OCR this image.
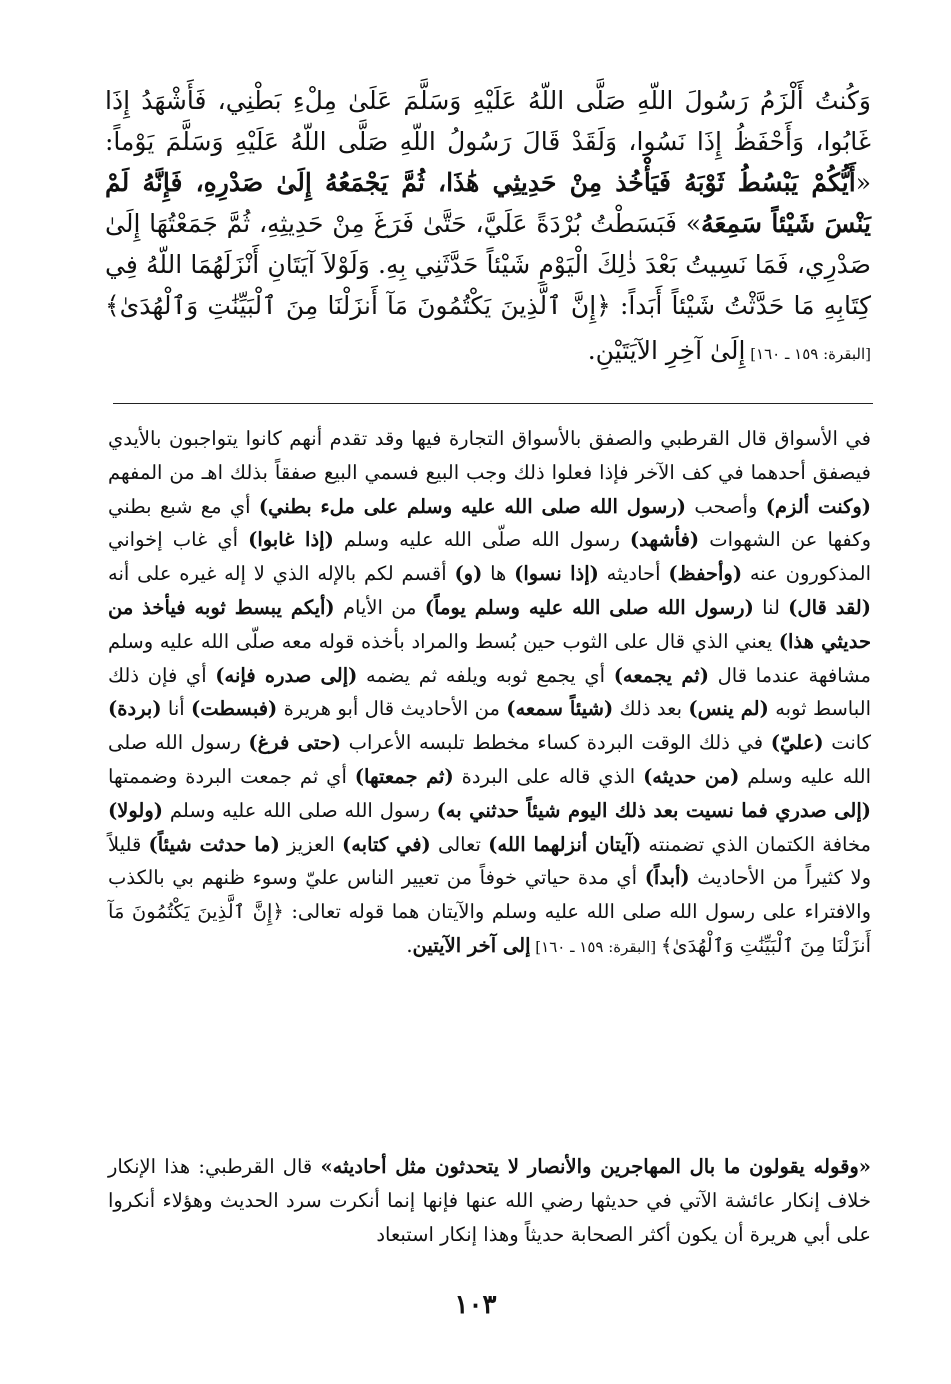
وَكُنتُ أَلْزَمُ رَسُولَ اللّهِ صَلَّى اللّهُ عَلَيْهِ وَسَلَّمَ عَلَىٰ مِلْءِ بَطْنِي، فَأَشْهَدُ إِذَا غَابُوا، وَأَحْفَظُ إِذَا نَسُوا، وَلَقَدْ قَالَ رَسُولُ اللّهِ صَلَّى اللّهُ عَلَيْهِ وَسَلَّمَ يَوْماً: «أَيُّكُمْ يَبْسُطُ ثَوْبَهُ فَيَأْخُذ مِنْ حَدِيثِي هَٰذَا، ثُمَّ يَجْمَعُهُ إِلَىٰ صَدْرِهِ، فَإِنَّهُ لَمْ يَنْسَ شَيْئاً سَمِعَهُ» فَبَسَطْتُ بُرْدَةً عَلَيَّ، حَتَّىٰ فَرَغَ مِنْ حَدِيثِهِ، ثُمَّ جَمَعْتُهَا إِلَىٰ صَدْرِي، فَمَا نَسِيتُ بَعْدَ ذٰلِكَ الْيَوْمِ شَيْئاً حَدَّثَنِي بِهِ. وَلَوْلاَ آيَتَانِ أَنْزَلَهُمَا اللّهُ فِي كِتَابِهِ مَا حَدَّثْتُ شَيْئاً أَبَداً: ﴿إِنَّ ٱلَّذِينَ يَكْتُمُونَ مَآ أَنزَلْنَا مِنَ ٱلْبَيِّنَٰتِ وَٱلْهُدَىٰ﴾ [البقرة: ١٥٩ ـ ١٦٠] إِلَىٰ آخِرِ الآيَتَيْنِ.

في الأسواق قال القرطبي والصفق بالأسواق التجارة فيها وقد تقدم أنهم كانوا يتواجبون بالأيدي فيصفق أحدهما في كف الآخر فإذا فعلوا ذلك وجب البيع فسمي البيع صفقاً بذلك اهـ من المفهم (وكنت ألزم) وأصحب (رسول الله صلى الله عليه وسلم على ملء بطني) أي مع شبع بطني وكفها عن الشهوات (فأشهد) رسول الله صلّى الله عليه وسلم (إذا غابوا) أي غاب إخواني المذكورون عنه (وأحفظ) أحاديثه (إذا نسوا) ها (و) أقسم لكم بالإله الذي لا إله غيره على أنه (لقد قال) لنا (رسول الله صلى الله عليه وسلم يوماً) من الأيام (أيكم يبسط ثوبه فيأخذ من حديثي هذا) يعني الذي قال على الثوب حين بُسط والمراد بأخذه قوله معه صلّى الله عليه وسلم مشافهة عندما قال (ثم يجمعه) أي يجمع ثوبه ويلفه ثم يضمه (إلى صدره فإنه) أي فإن ذلك الباسط ثوبه (لم ينس) بعد ذلك (شيئاً سمعه) من الأحاديث قال أبو هريرة (فبسطت) أنا (بردة) كانت (عليّ) في ذلك الوقت البردة كساء مخطط تلبسه الأعراب (حتى فرغ) رسول الله صلى الله عليه وسلم (من حديثه) الذي قاله على البردة (ثم جمعتها) أي ثم جمعت البردة وضممتها (إلى صدري فما نسيت بعد ذلك اليوم شيئاً حدثني به) رسول الله صلى الله عليه وسلم (ولولا) مخافة الكتمان الذي تضمنته (آيتان أنزلهما الله) تعالى (في كتابه) العزيز (ما حدثت شيئاً) قليلاً ولا كثيراً من الأحاديث (أبداً) أي مدة حياتي خوفاً من تعيير الناس عليّ وسوء ظنهم بي بالكذب والافتراء على رسول الله صلى الله عليه وسلم والآيتان هما قوله تعالى: ﴿إِنَّ ٱلَّذِينَ يَكْتُمُونَ مَآ أَنزَلْنَا مِنَ ٱلْبَيِّنَٰتِ وَٱلْهُدَىٰ﴾ [البقرة: ١٥٩ ـ ١٦٠] إلى آخر الآيتين.

«وقوله يقولون ما بال المهاجرين والأنصار لا يتحدثون مثل أحاديثه» قال القرطبي: هذا الإنكار خلاف إنكار عائشة الآتي في حديثها رضي الله عنها فإنها إنما أنكرت سرد الحديث وهؤلاء أنكروا على أبي هريرة أن يكون أكثر الصحابة حديثاً وهذا إنكار استبعاد

١٠٣
